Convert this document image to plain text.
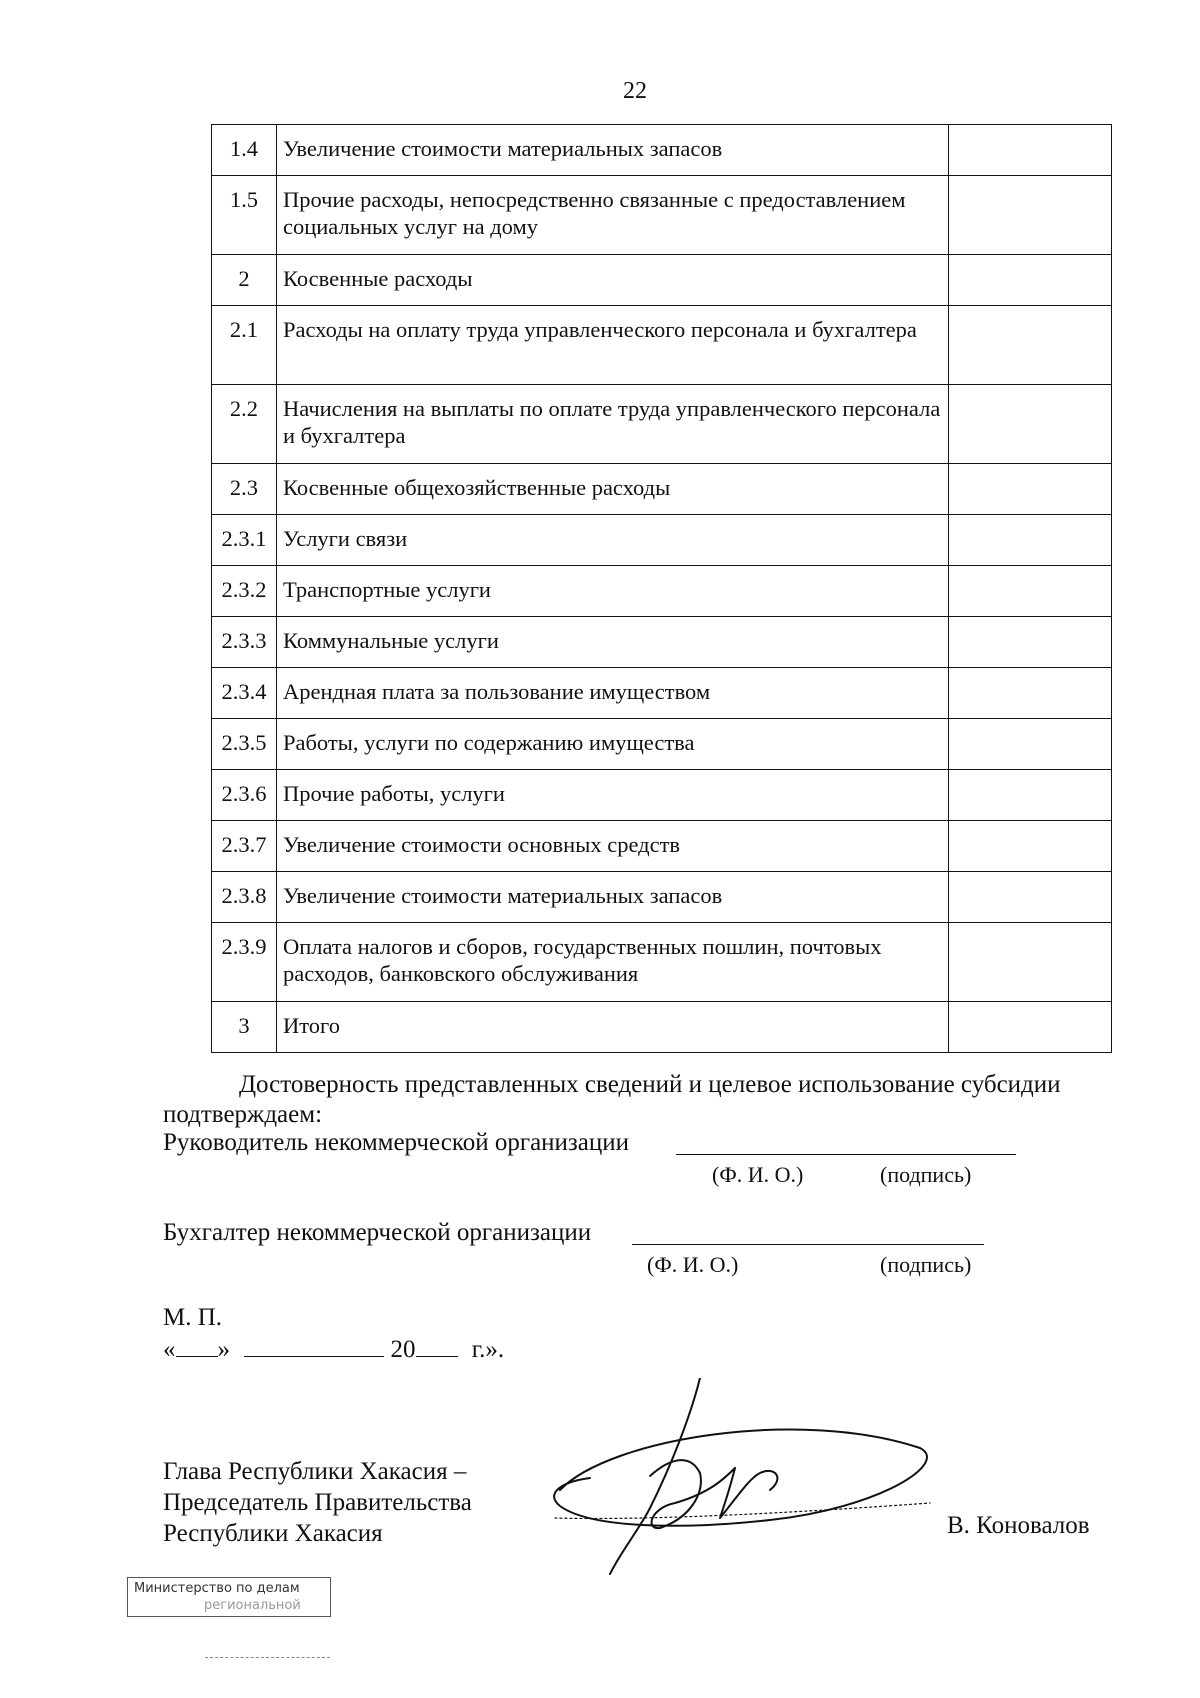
22
1.4	Увеличение стоимости материальных запасов	
1.5	Прочие расходы, непосредственно связанные с предоставлением социальных услуг на дому	
2	Косвенные расходы	
2.1	Расходы на оплату труда управленческого персонала и бухгалтера	
2.2	Начисления на выплаты по оплате труда управленческого персонала и бухгалтера	
2.3	Косвенные общехозяйственные расходы	
2.3.1	Услуги связи	
2.3.2	Транспортные услуги	
2.3.3	Коммунальные услуги	
2.3.4	Арендная плата за пользование имуществом	
2.3.5	Работы, услуги по содержанию имущества	
2.3.6	Прочие работы, услуги	
2.3.7	Увеличение стоимости основных средств	
2.3.8	Увеличение стоимости материальных запасов	
2.3.9	Оплата налогов и сборов, государственных пошлин, почтовых расходов, банковского обслуживания	
3	Итого	
Достоверность представленных сведений и целевое использование субсидии
подтверждаем:
Руководитель некоммерческой организации
(Ф. И. О.)	(подпись)
Бухгалтер некоммерческой организации
(Ф. И. О.)	(подпись)
М. П.
« »	20 г.».
Глава Республики Хакасия –
Председатель Правительства
Республики Хакасия	В. Коновалов
Министерство по делам
региональной
